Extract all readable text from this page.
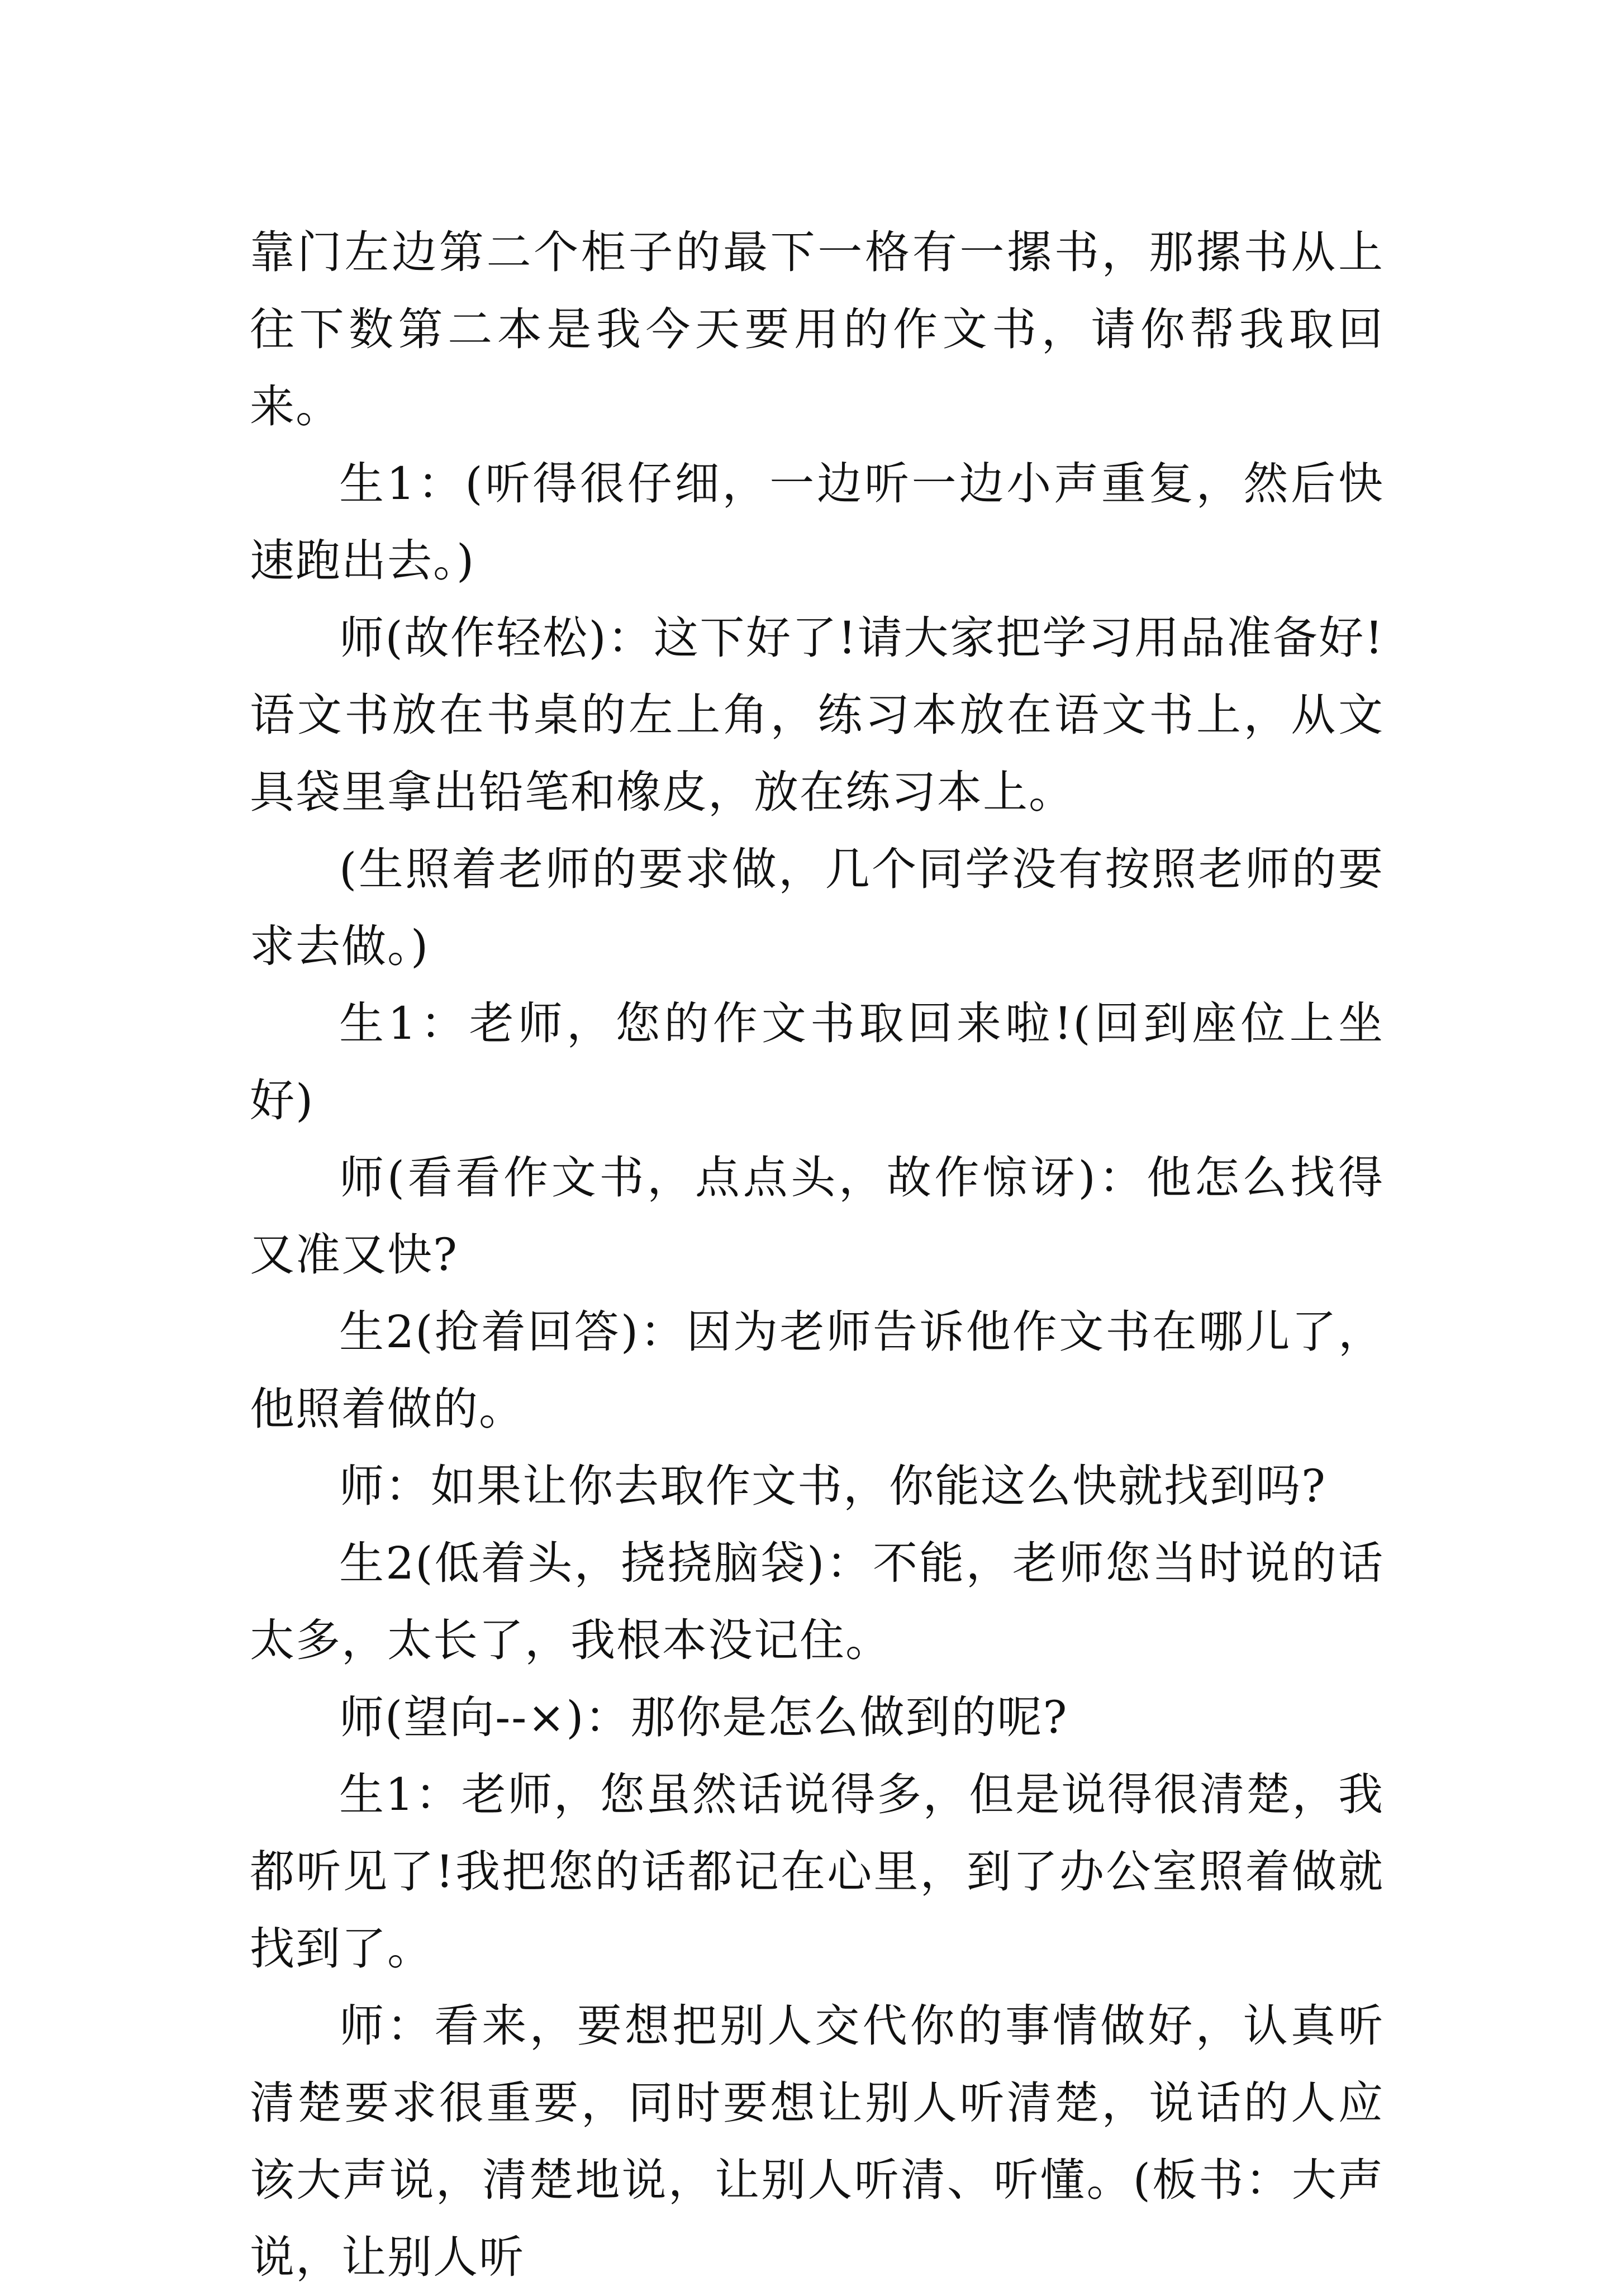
靠门左边第二个柜子的最下一格有一摞书，那摞书从上往下数第二本是我今天要用的作文书，请你帮我取回来。

生1：(听得很仔细，一边听一边小声重复，然后快速跑出去。)

师(故作轻松)：这下好了!请大家把学习用品准备好!语文书放在书桌的左上角，练习本放在语文书上，从文具袋里拿出铅笔和橡皮，放在练习本上。

(生照着老师的要求做，几个同学没有按照老师的要求去做。)

生1：老师，您的作文书取回来啦!(回到座位上坐好)

师(看看作文书，点点头，故作惊讶)：他怎么找得又准又快?

生2(抢着回答)：因为老师告诉他作文书在哪儿了，他照着做的。

师：如果让你去取作文书，你能这么快就找到吗?

生2(低着头，挠挠脑袋)：不能，老师您当时说的话太多，太长了，我根本没记住。

师(望向--×)：那你是怎么做到的呢?

生1：老师，您虽然话说得多，但是说得很清楚，我都听见了!我把您的话都记在心里，到了办公室照着做就找到了。

师：看来，要想把别人交代你的事情做好，认真听清楚要求很重要，同时要想让别人听清楚，说话的人应该大声说，清楚地说，让别人听清、听懂。(板书：大声说，让别人听
